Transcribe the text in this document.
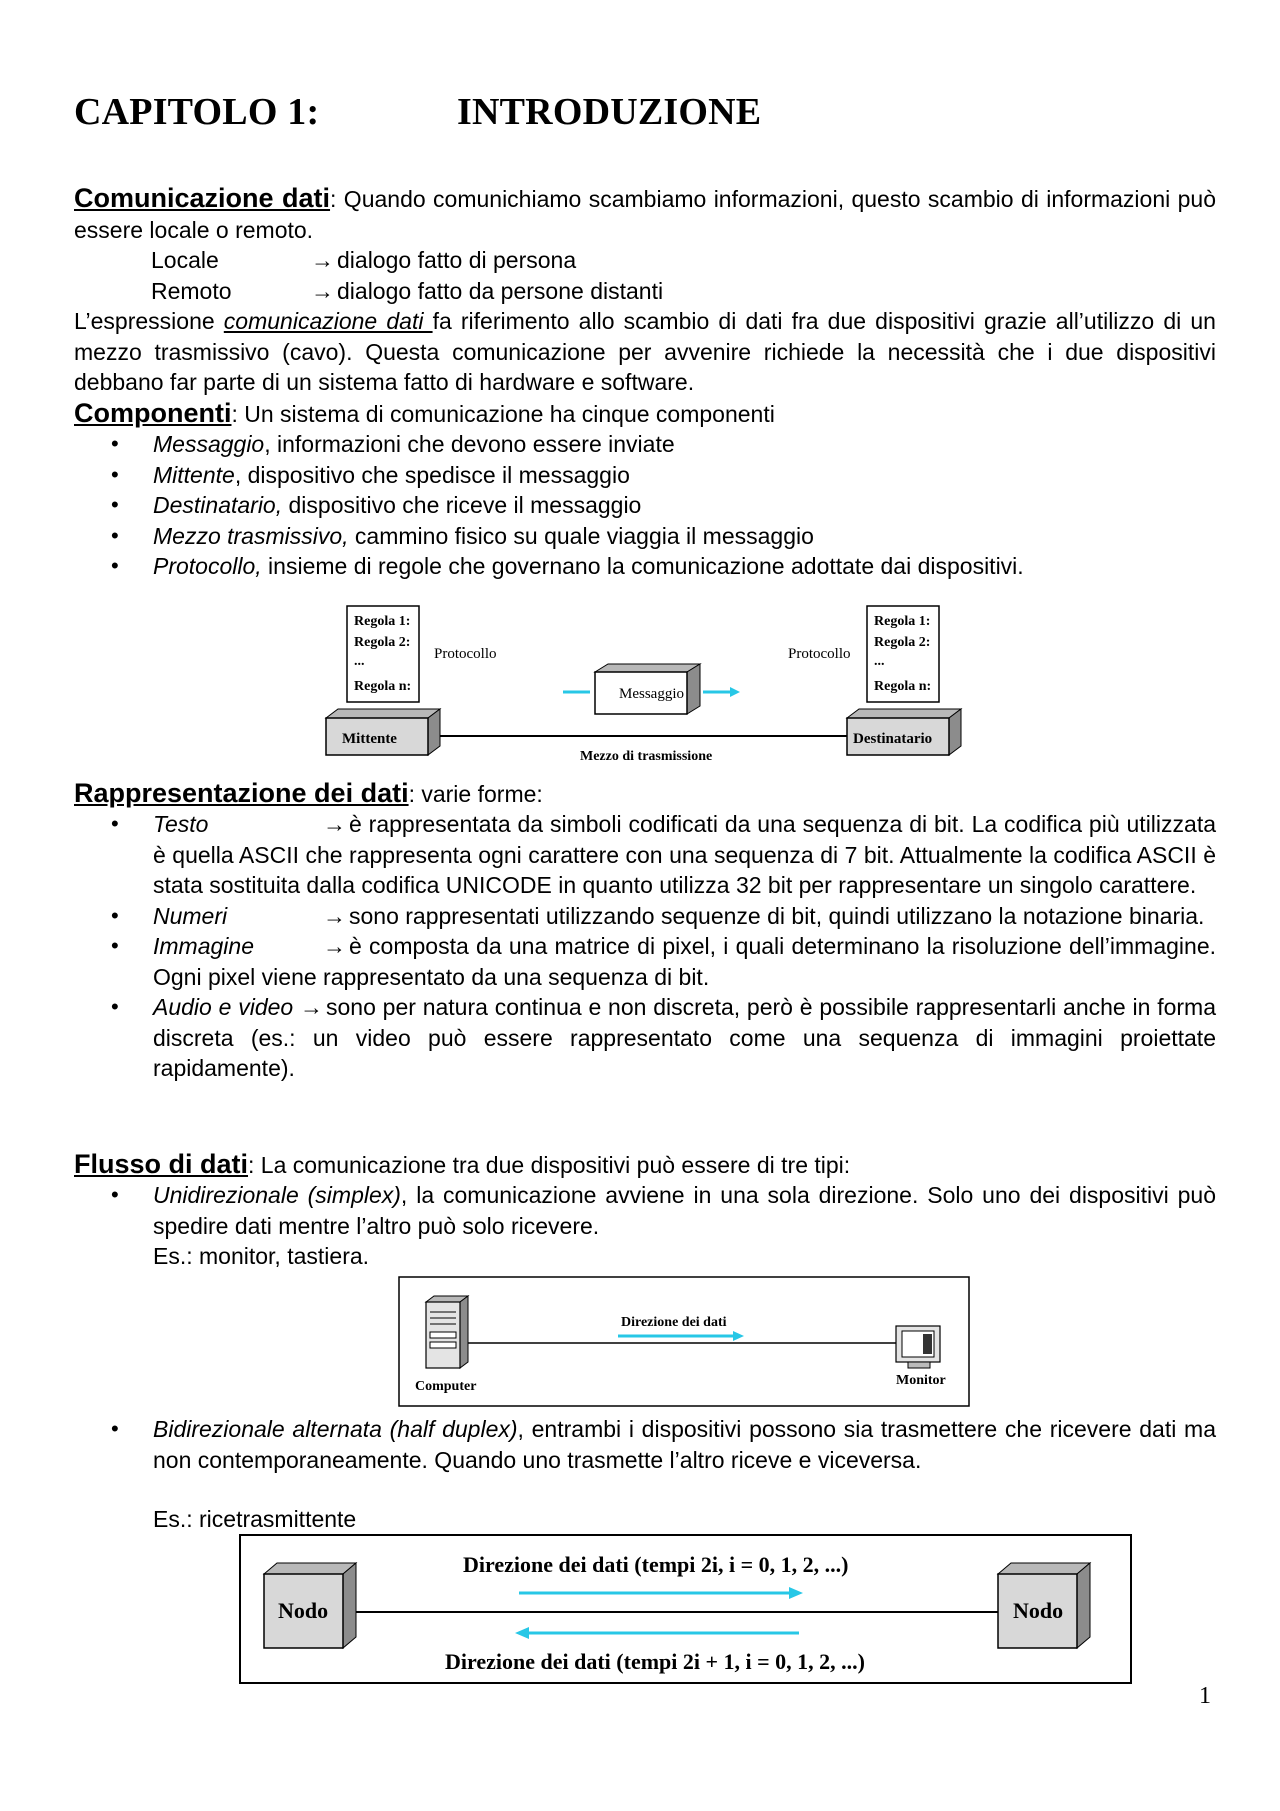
CAPITOLO 1:	INTRODUZIONE
Comunicazione dati: Quando comunichiamo scambiamo informazioni, questo scambio di informazioni può essere locale o remoto.
Locale	→ dialogo fatto di persona
Remoto	→ dialogo fatto da persone distanti
L’espressione comunicazione dati fa riferimento allo scambio di dati fra due dispositivi grazie all’utilizzo di un mezzo trasmissivo (cavo). Questa comunicazione per avvenire richiede la necessità che i due dispositivi debbano far parte di un sistema fatto di hardware e software.
Componenti: Un sistema di comunicazione ha cinque componenti
• Messaggio, informazioni che devono essere inviate
• Mittente, dispositivo che spedisce il messaggio
• Destinatario, dispositivo che riceve il messaggio
• Mezzo trasmissivo, cammino fisico su quale viaggia il messaggio
• Protocollo, insieme di regole che governano la comunicazione adottate dai dispositivi.
Regola 1:
Regola 2:
...
Regola n:
Regola 1:
Regola 2:
...
Regola n:
Protocollo	Protocollo
Messaggio
Mittente	Destinatario
Mezzo di trasmissione
Rappresentazione dei dati: varie forme:
• Testo	→ è rappresentata da simboli codificati da una sequenza di bit. La codifica più utilizzata è quella ASCII che rappresenta ogni carattere con una sequenza di 7 bit. Attualmente la codifica ASCII è stata sostituita dalla codifica UNICODE in quanto utilizza 32 bit per rappresentare un singolo carattere.
• Numeri	→ sono rappresentati utilizzando sequenze di bit, quindi utilizzano la notazione binaria.
• Immagine	→ è composta da una matrice di pixel, i quali determinano la risoluzione dell’immagine. Ogni pixel viene rappresentato da una sequenza di bit.
• Audio e video → sono per natura continua e non discreta, però è possibile rappresentarli anche in forma discreta (es.: un video può essere rappresentato come una sequenza di immagini proiettate rapidamente).
Flusso di dati: La comunicazione tra due dispositivi può essere di tre tipi:
• Unidirezionale (simplex), la comunicazione avviene in una sola direzione. Solo uno dei dispositivi può spedire dati mentre l’altro può solo ricevere.
Es.: monitor, tastiera.
Computer
Direzione dei dati
Monitor
• Bidirezionale alternata (half duplex), entrambi i dispositivi possono sia trasmettere che ricevere dati ma non contemporaneamente. Quando uno trasmette l’altro riceve e viceversa.
Es.: ricetrasmittente
Nodo	Nodo
Direzione dei dati (tempi 2i, i = 0, 1, 2, ...)
Direzione dei dati (tempi 2i + 1, i = 0, 1, 2, ...)
1
